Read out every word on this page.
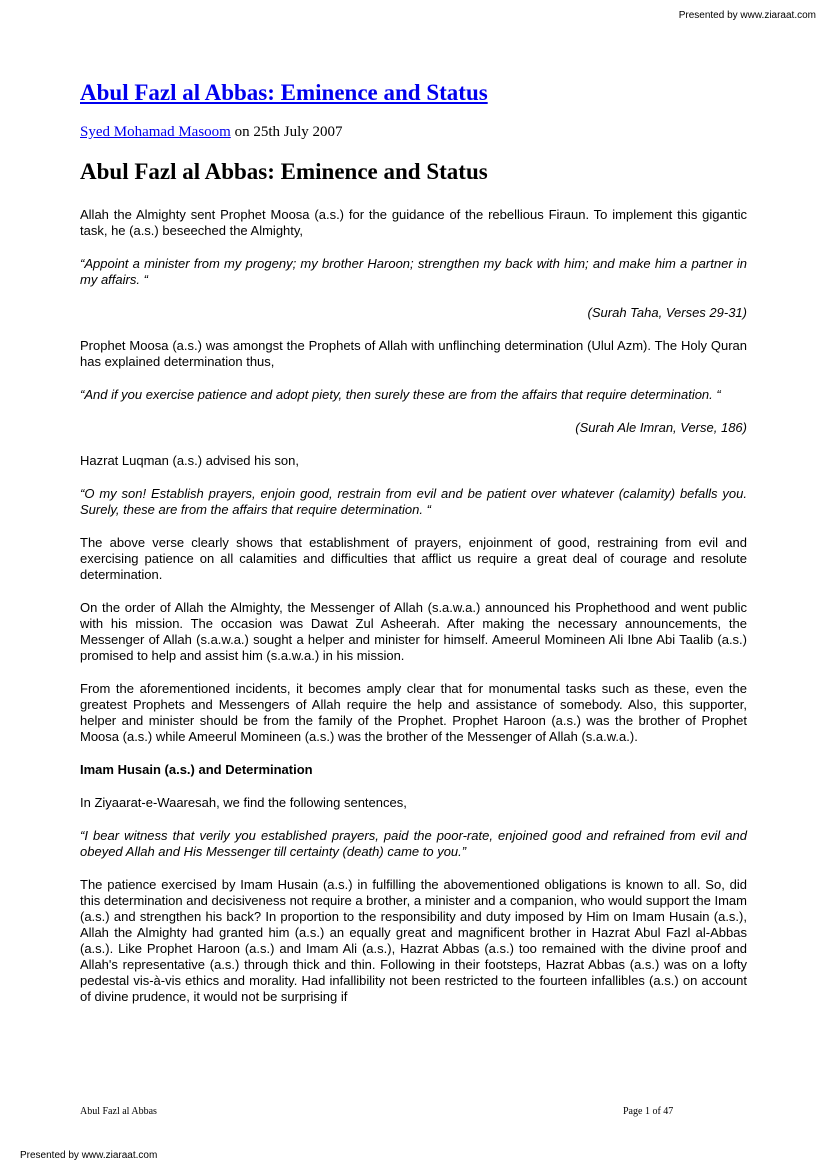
Presented by www.ziaraat.com
Abul Fazl al Abbas: Eminence and Status
Syed Mohamad Masoom on 25th July 2007
Abul Fazl al Abbas: Eminence and Status

Allah the Almighty sent Prophet Moosa (a.s.) for the guidance of the rebellious Firaun. To implement this gigantic task, he (a.s.) beseeched the Almighty,

“Appoint a minister from my progeny; my brother Haroon; strengthen my back with him; and make him a partner in my affairs. “

(Surah Taha, Verses 29-31)

Prophet Moosa (a.s.) was amongst the Prophets of Allah with unflinching determination (Ulul Azm). The Holy Quran has explained determination thus,

“And if you exercise patience and adopt piety, then surely these are from the affairs that require determination. “

(Surah Ale Imran, Verse, 186)

Hazrat Luqman (a.s.) advised his son,

“O my son! Establish prayers, enjoin good, restrain from evil and be patient over whatever (calamity) befalls you. Surely, these are from the affairs that require determination. “

The above verse clearly shows that establishment of prayers, enjoinment of good, restraining from evil and exercising patience on all calamities and difficulties that afflict us require a great deal of courage and resolute determination.

On the order of Allah the Almighty, the Messenger of Allah (s.a.w.a.) announced his Prophethood and went public with his mission. The occasion was Dawat Zul Asheerah. After making the necessary announcements, the Messenger of Allah (s.a.w.a.) sought a helper and minister for himself. Ameerul Momineen Ali Ibne Abi Taalib (a.s.) promised to help and assist him (s.a.w.a.) in his mission.

From the aforementioned incidents, it becomes amply clear that for monumental tasks such as these, even the greatest Prophets and Messengers of Allah require the help and assistance of somebody. Also, this supporter, helper and minister should be from the family of the Prophet. Prophet Haroon (a.s.) was the brother of Prophet Moosa (a.s.) while Ameerul Momineen (a.s.) was the brother of the Messenger of Allah (s.a.w.a.).

Imam Husain (a.s.) and Determination

In Ziyaarat-e-Waaresah, we find the following sentences,

“I bear witness that verily you established prayers, paid the poor-rate, enjoined good and refrained from evil and obeyed Allah and His Messenger till certainty (death) came to you.”

The patience exercised by Imam Husain (a.s.) in fulfilling the abovementioned obligations is known to all. So, did this determination and decisiveness not require a brother, a minister and a companion, who would support the Imam (a.s.) and strengthen his back? In proportion to the responsibility and duty imposed by Him on Imam Husain (a.s.), Allah the Almighty had granted him (a.s.) an equally great and magnificent brother in Hazrat Abul Fazl al-Abbas (a.s.). Like Prophet Haroon (a.s.) and Imam Ali (a.s.), Hazrat Abbas (a.s.) too remained with the divine proof and Allah's representative (a.s.) through thick and thin. Following in their footsteps, Hazrat Abbas (a.s.) was on a lofty pedestal vis-à-vis ethics and morality. Had infallibility not been restricted to the fourteen infallibles (a.s.) on account of divine prudence, it would not be surprising if

Abul Fazl al Abbas	Page 1 of 47
Presented by www.ziaraat.com
